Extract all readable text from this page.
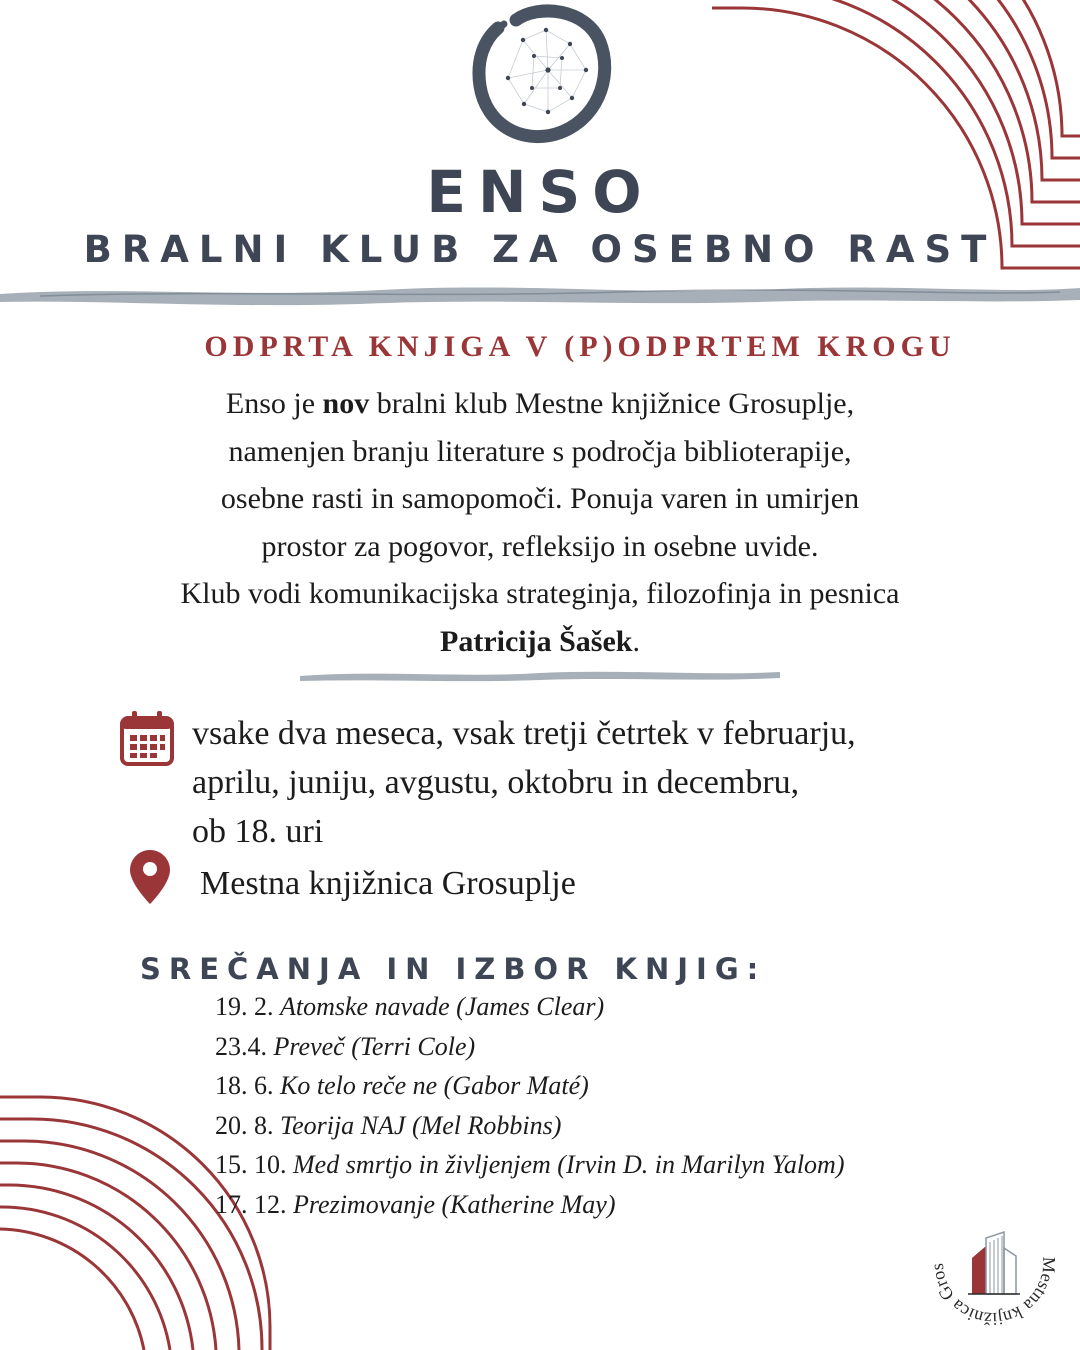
ENSO
BRALNI KLUB ZA OSEBNO RAST
ODPRTA KNJIGA V (P)ODPRTEM KROGU

Enso je nov bralni klub Mestne knjižnice Grosuplje,

namenjen branju literature s področja biblioterapije,

osebne rasti in samopomoči. Ponuja varen in umirjen

prostor za pogovor, refleksijo in osebne uvide.

Klub vodi komunikacijska strateginja, filozofinja in pesnica

Patricija Šašek.

vsake dva meseca, vsak tretji četrtek v februarju,
aprilu, juniju, avgustu, oktobru in decembru,
ob 18. uri
Mestna knjižnica Grosuplje
SREČANJA IN IZBOR KNJIG:
19. 2. Atomske navade (James Clear)
23.4. Preveč (Terri Cole)
18. 6. Ko telo reče ne (Gabor Maté)
20. 8. Teorija NAJ (Mel Robbins)
15. 10. Med smrtjo in življenjem (Irvin D. in Marilyn Yalom)
17. 12. Prezimovanje (Katherine May)
Mestna knjižnica Grosuplje
